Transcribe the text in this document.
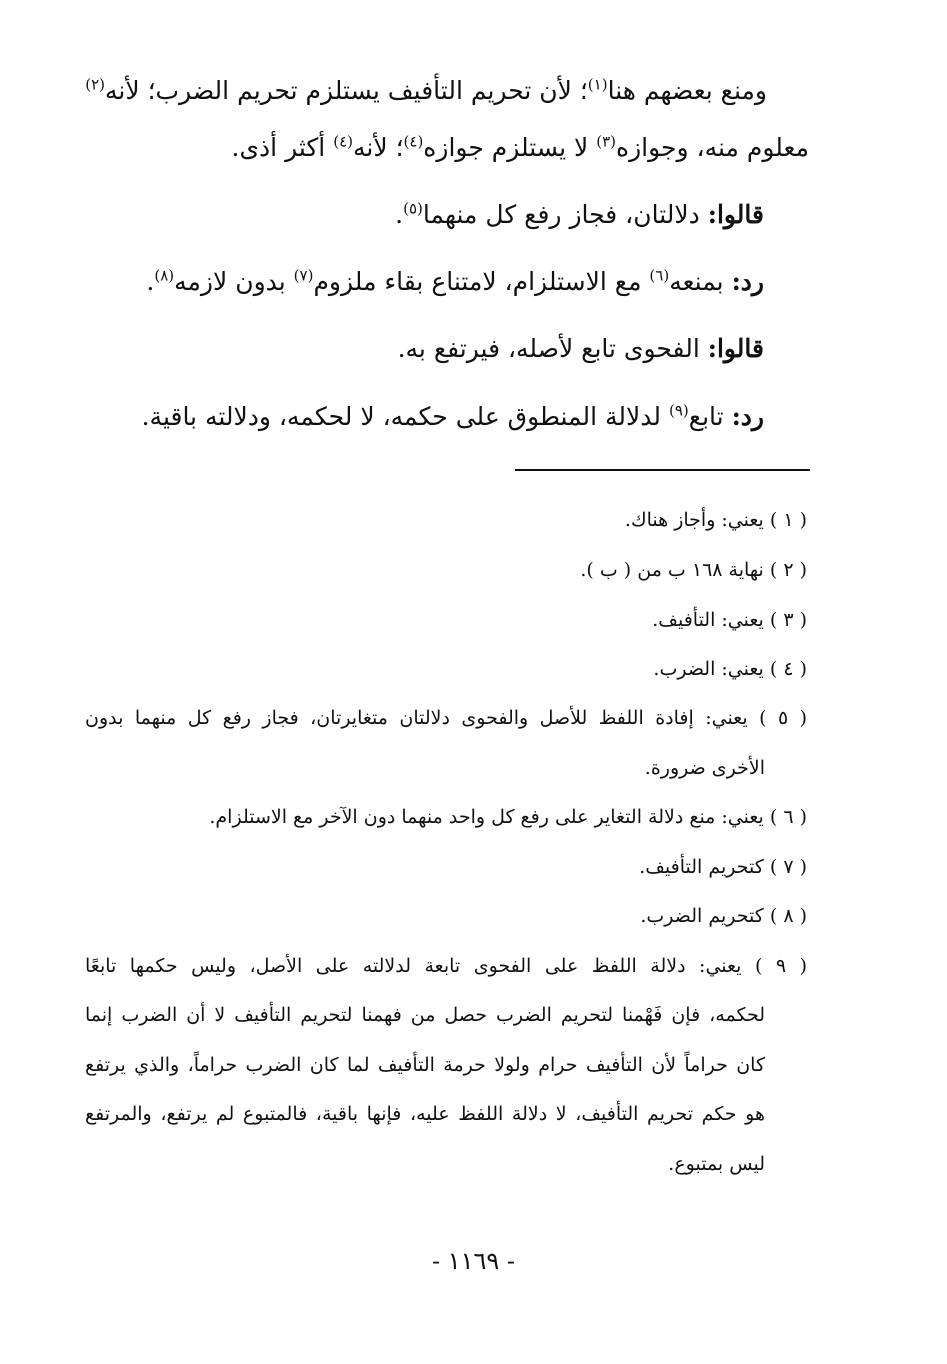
ومنع بعضهم هنا$^{(١)}$؛ لأن تحريم التأفيف يستلزم تحريم الضرب؛ لأنه$^{(٢)}$

معلوم منه، وجوازه$^{(٣)}$ لا يستلزم جوازه$^{(٤)}$؛ لأنه$^{(٤)}$ أكثر أذى.

قالوا: دلالتان، فجاز رفع كل منهما$^{(٥)}$.

رد: بمنعه$^{(٦)}$ مع الاستلزام، لامتناع بقاء ملزوم$^{(٧)}$ بدون لازمه$^{(٨)}$.

قالوا: الفحوى تابع لأصله، فيرتفع به.

رد: تابع$^{(٩)}$ لدلالة المنطوق على حكمه، لا لحكمه، ودلالته باقية.

( ١ ) يعني: وأجاز هناك.

( ٢ ) نهاية ١٦٨ ب من ( ب ).

( ٣ ) يعني: التأفيف.

( ٤ ) يعني: الضرب.

( ٥ ) يعني: إفادة اللفظ للأصل والفحوى دلالتان متغايرتان، فجاز رفع كل منهما بدون

الأخرى ضرورة.

( ٦ ) يعني: منع دلالة التغاير على رفع كل واحد منهما دون الآخر مع الاستلزام.

( ٧ ) كتحريم التأفيف.

( ٨ ) كتحريم الضرب.

( ٩ ) يعني: دلالة اللفظ على الفحوى تابعة لدلالته على الأصل، وليس حكمها تابعًا

لحكمه، فإن فَهْمنا لتحريم الضرب حصل من فهمنا لتحريم التأفيف لا أن الضرب إنما

كان حراماً لأن التأفيف حرام ولولا حرمة التأفيف لما كان الضرب حراماً، والذي يرتفع

هو حكم تحريم التأفيف، لا دلالة اللفظ عليه، فإنها باقية، فالمتبوع لم يرتفع، والمرتفع

ليس بمتبوع.

- ١١٦٩ -
